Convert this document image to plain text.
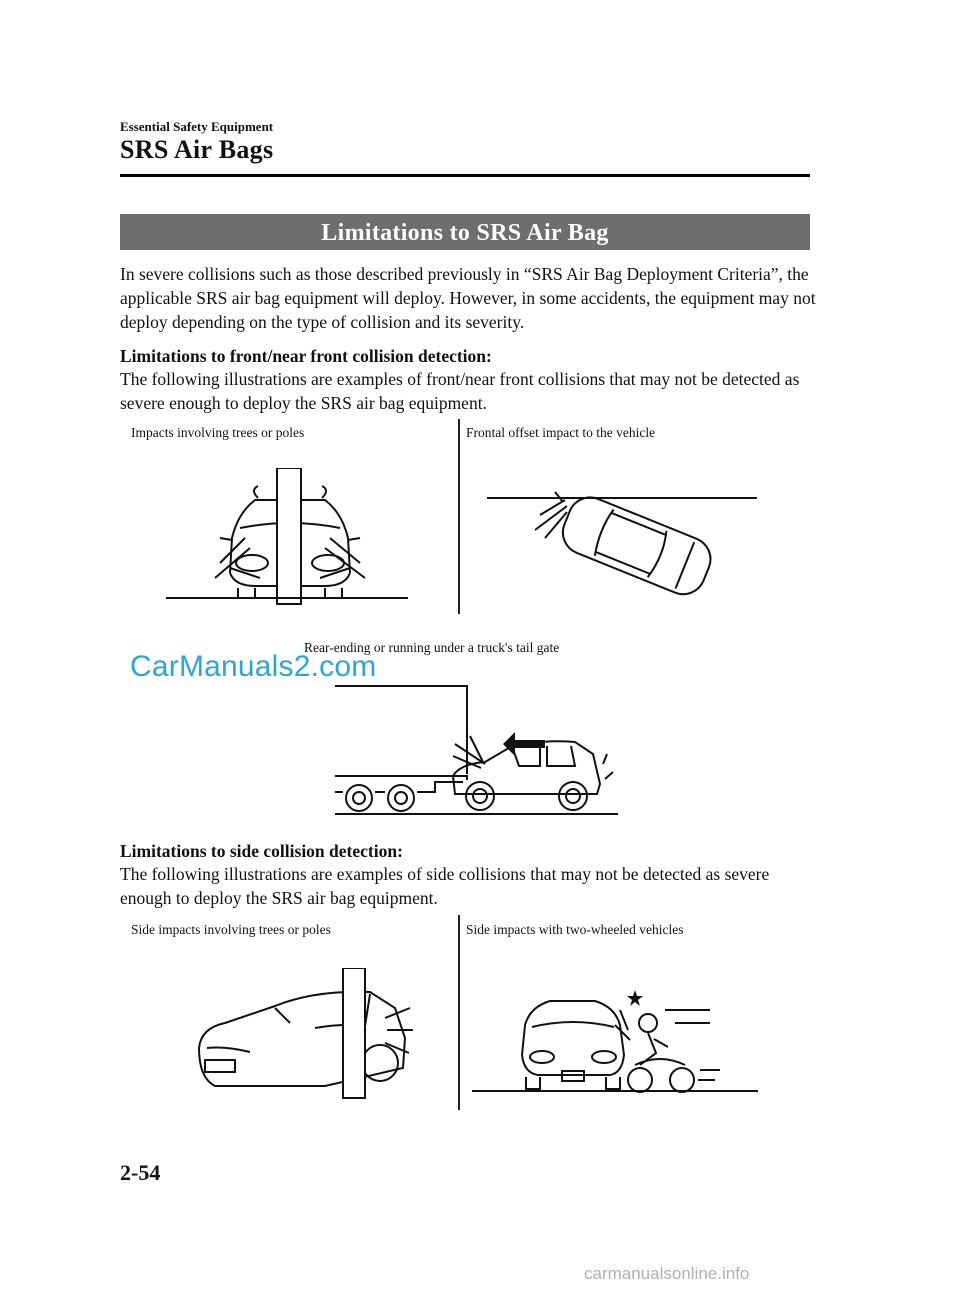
Essential Safety Equipment
SRS Air Bags
Limitations to SRS Air Bag
In severe collisions such as those described previously in “SRS Air Bag Deployment Criteria”, the applicable SRS air bag equipment will deploy. However, in some accidents, the equipment may not deploy depending on the type of collision and its severity.
Limitations to front/near front collision detection:
The following illustrations are examples of front/near front collisions that may not be detected as severe enough to deploy the SRS air bag equipment.
Impacts involving trees or poles	Frontal offset impact to the vehicle
Rear-ending or running under a truck's tail gate
Limitations to side collision detection:
The following illustrations are examples of side collisions that may not be detected as severe enough to deploy the SRS air bag equipment.
Side impacts involving trees or poles	Side impacts with two-wheeled vehicles
2-54
CarManuals2.com
carmanualsonline.info
